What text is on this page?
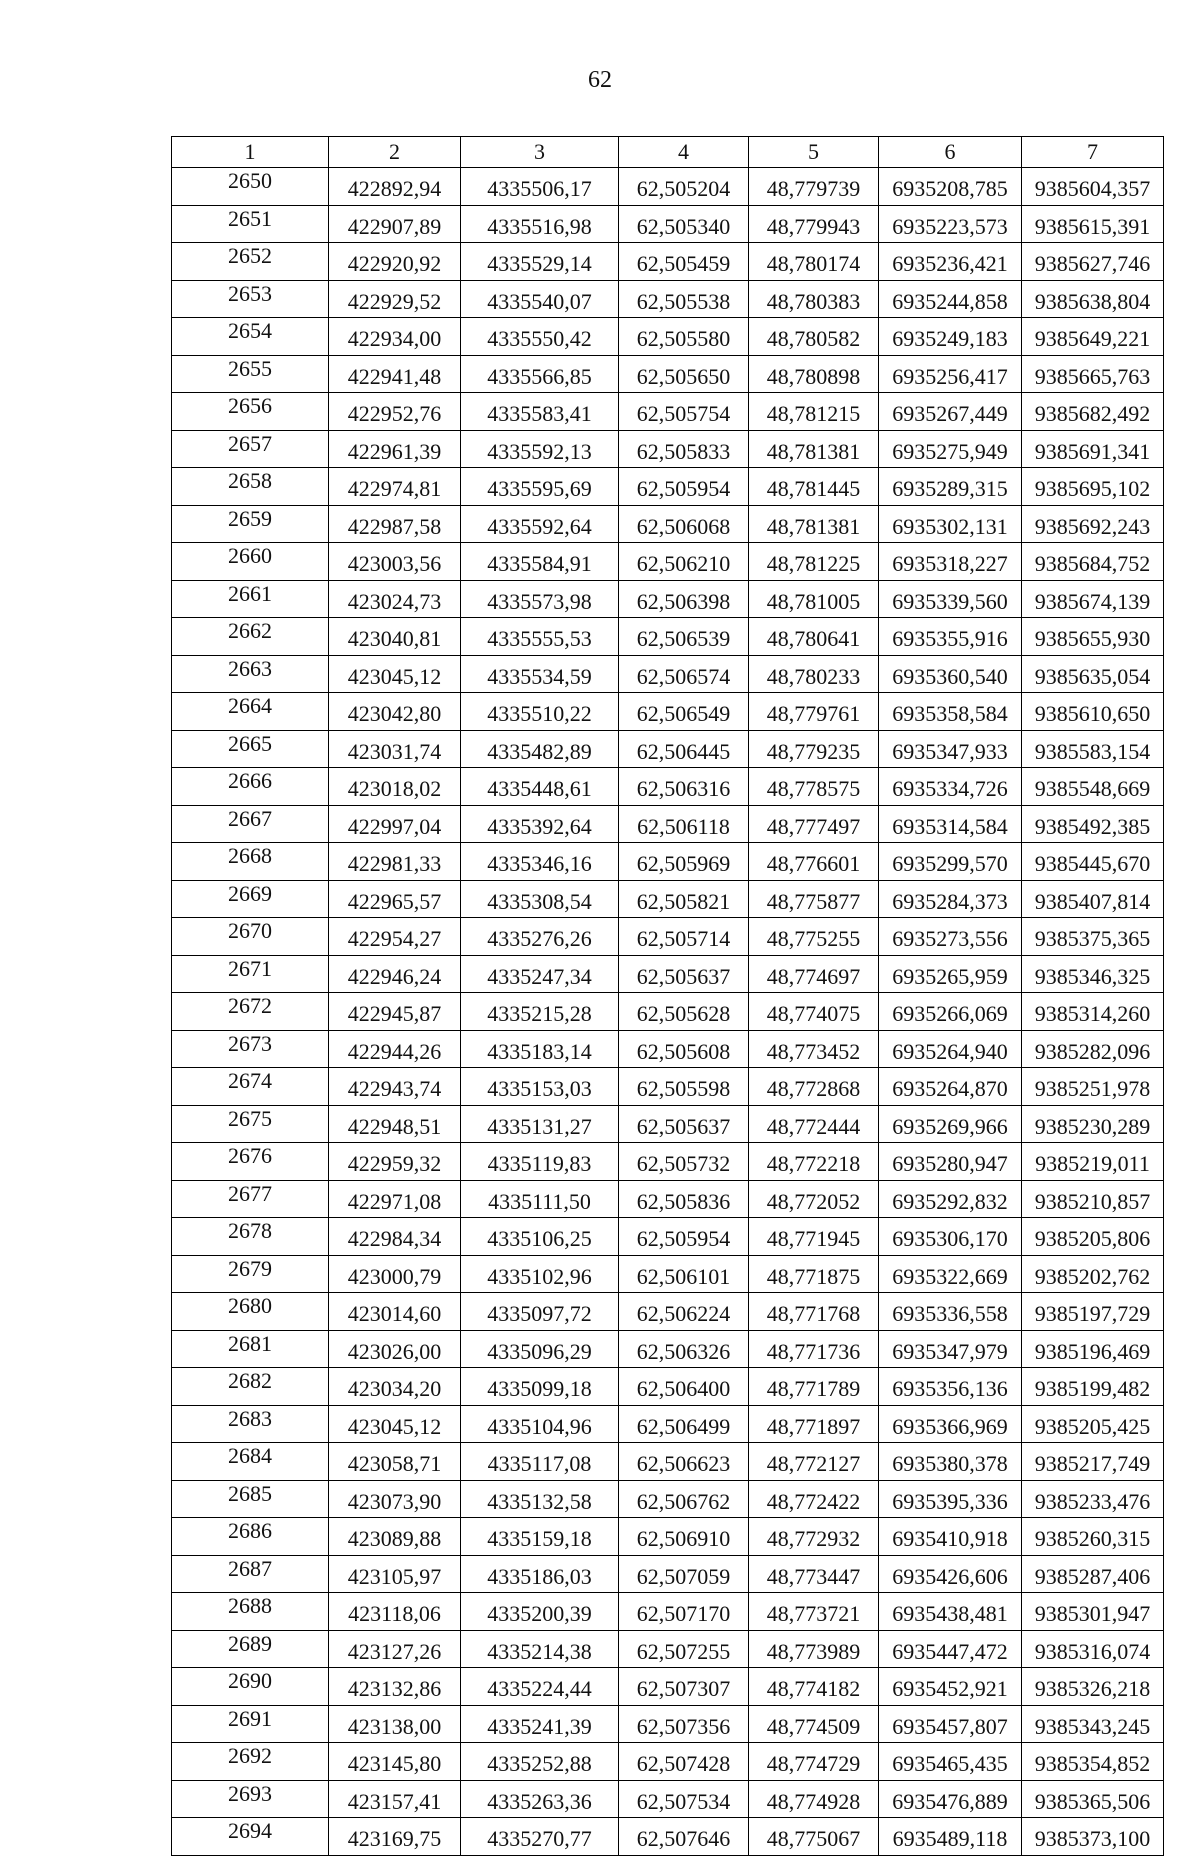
62
1	2	3	4	5	6	7
2650	422892,94	4335506,17	62,505204	48,779739	6935208,785	9385604,357
2651	422907,89	4335516,98	62,505340	48,779943	6935223,573	9385615,391
2652	422920,92	4335529,14	62,505459	48,780174	6935236,421	9385627,746
2653	422929,52	4335540,07	62,505538	48,780383	6935244,858	9385638,804
2654	422934,00	4335550,42	62,505580	48,780582	6935249,183	9385649,221
2655	422941,48	4335566,85	62,505650	48,780898	6935256,417	9385665,763
2656	422952,76	4335583,41	62,505754	48,781215	6935267,449	9385682,492
2657	422961,39	4335592,13	62,505833	48,781381	6935275,949	9385691,341
2658	422974,81	4335595,69	62,505954	48,781445	6935289,315	9385695,102
2659	422987,58	4335592,64	62,506068	48,781381	6935302,131	9385692,243
2660	423003,56	4335584,91	62,506210	48,781225	6935318,227	9385684,752
2661	423024,73	4335573,98	62,506398	48,781005	6935339,560	9385674,139
2662	423040,81	4335555,53	62,506539	48,780641	6935355,916	9385655,930
2663	423045,12	4335534,59	62,506574	48,780233	6935360,540	9385635,054
2664	423042,80	4335510,22	62,506549	48,779761	6935358,584	9385610,650
2665	423031,74	4335482,89	62,506445	48,779235	6935347,933	9385583,154
2666	423018,02	4335448,61	62,506316	48,778575	6935334,726	9385548,669
2667	422997,04	4335392,64	62,506118	48,777497	6935314,584	9385492,385
2668	422981,33	4335346,16	62,505969	48,776601	6935299,570	9385445,670
2669	422965,57	4335308,54	62,505821	48,775877	6935284,373	9385407,814
2670	422954,27	4335276,26	62,505714	48,775255	6935273,556	9385375,365
2671	422946,24	4335247,34	62,505637	48,774697	6935265,959	9385346,325
2672	422945,87	4335215,28	62,505628	48,774075	6935266,069	9385314,260
2673	422944,26	4335183,14	62,505608	48,773452	6935264,940	9385282,096
2674	422943,74	4335153,03	62,505598	48,772868	6935264,870	9385251,978
2675	422948,51	4335131,27	62,505637	48,772444	6935269,966	9385230,289
2676	422959,32	4335119,83	62,505732	48,772218	6935280,947	9385219,011
2677	422971,08	4335111,50	62,505836	48,772052	6935292,832	9385210,857
2678	422984,34	4335106,25	62,505954	48,771945	6935306,170	9385205,806
2679	423000,79	4335102,96	62,506101	48,771875	6935322,669	9385202,762
2680	423014,60	4335097,72	62,506224	48,771768	6935336,558	9385197,729
2681	423026,00	4335096,29	62,506326	48,771736	6935347,979	9385196,469
2682	423034,20	4335099,18	62,506400	48,771789	6935356,136	9385199,482
2683	423045,12	4335104,96	62,506499	48,771897	6935366,969	9385205,425
2684	423058,71	4335117,08	62,506623	48,772127	6935380,378	9385217,749
2685	423073,90	4335132,58	62,506762	48,772422	6935395,336	9385233,476
2686	423089,88	4335159,18	62,506910	48,772932	6935410,918	9385260,315
2687	423105,97	4335186,03	62,507059	48,773447	6935426,606	9385287,406
2688	423118,06	4335200,39	62,507170	48,773721	6935438,481	9385301,947
2689	423127,26	4335214,38	62,507255	48,773989	6935447,472	9385316,074
2690	423132,86	4335224,44	62,507307	48,774182	6935452,921	9385326,218
2691	423138,00	4335241,39	62,507356	48,774509	6935457,807	9385343,245
2692	423145,80	4335252,88	62,507428	48,774729	6935465,435	9385354,852
2693	423157,41	4335263,36	62,507534	48,774928	6935476,889	9385365,506
2694	423169,75	4335270,77	62,507646	48,775067	6935489,118	9385373,100
